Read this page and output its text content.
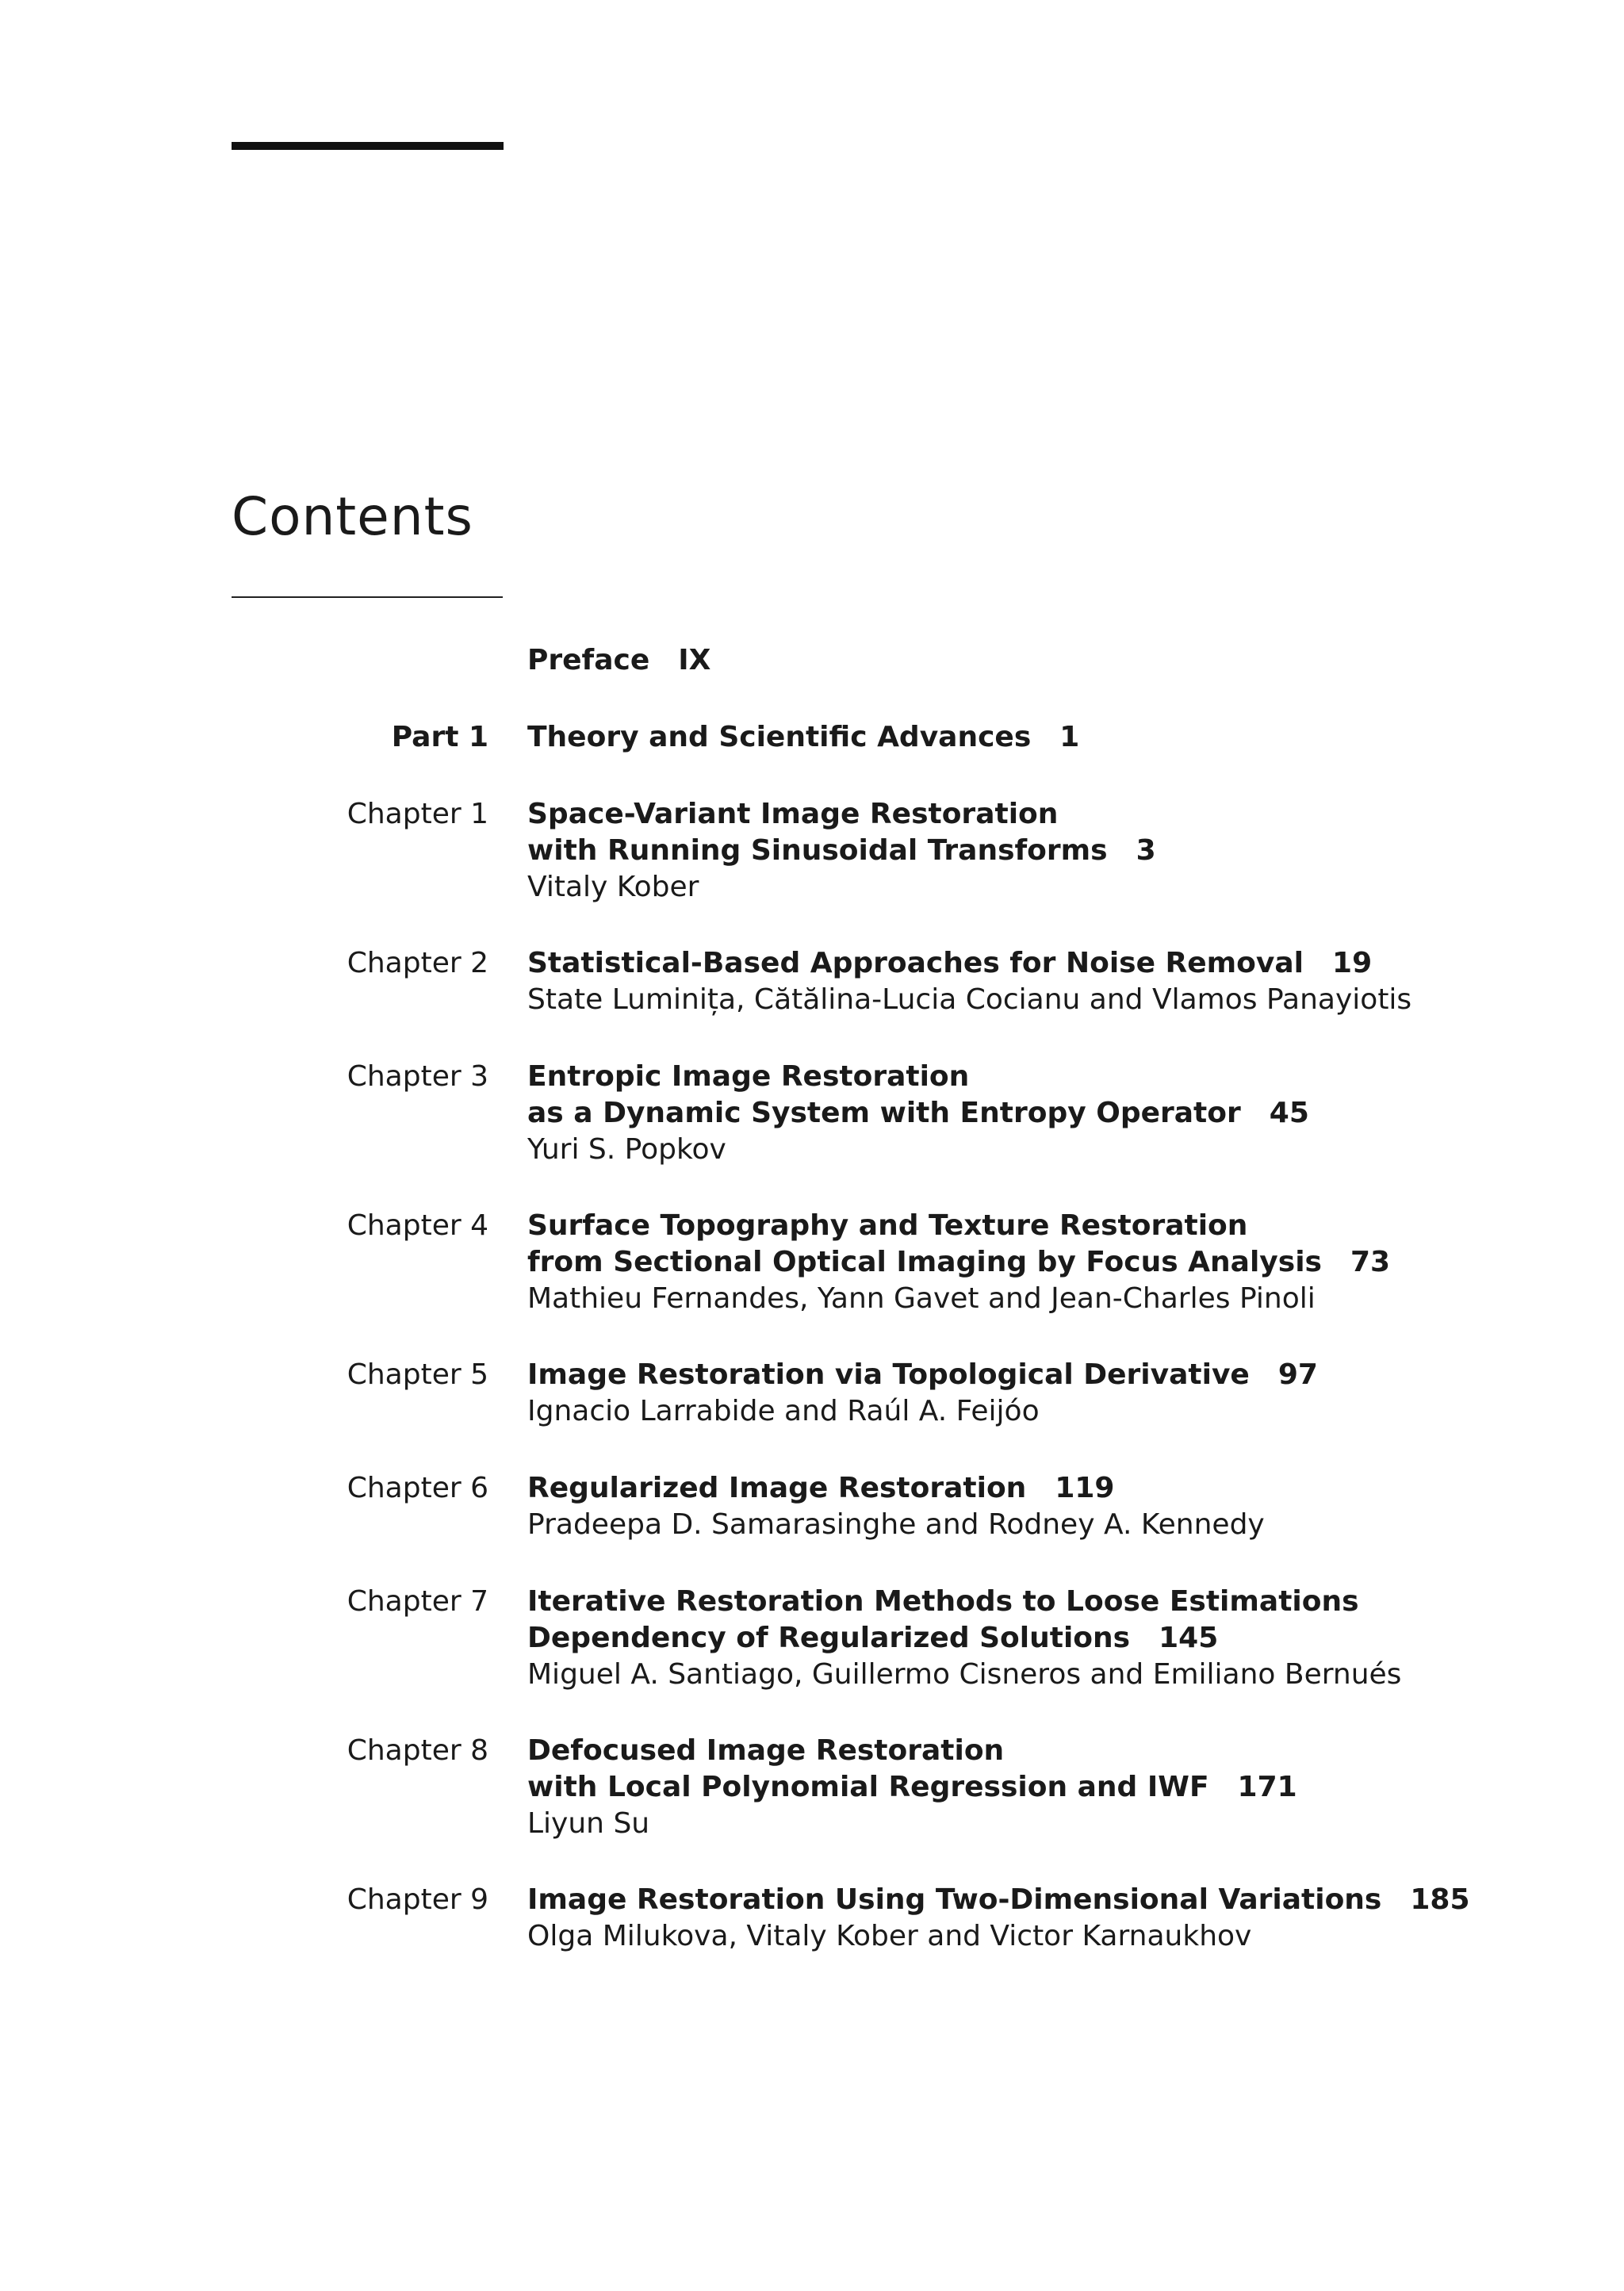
Contents
Preface IX
Part 1 Theory and Scientific Advances 1
Chapter 1 Space-Variant Image Restoration
with Running Sinusoidal Transforms 3
Vitaly Kober
Chapter 2 Statistical-Based Approaches for Noise Removal 19
State Luminița, Cătălina-Lucia Cocianu and Vlamos Panayiotis
Chapter 3 Entropic Image Restoration
as a Dynamic System with Entropy Operator 45
Yuri S. Popkov
Chapter 4 Surface Topography and Texture Restoration
from Sectional Optical Imaging by Focus Analysis 73
Mathieu Fernandes, Yann Gavet and Jean-Charles Pinoli
Chapter 5 Image Restoration via Topological Derivative 97
Ignacio Larrabide and Raúl A. Feijóo
Chapter 6 Regularized Image Restoration 119
Pradeepa D. Samarasinghe and Rodney A. Kennedy
Chapter 7 Iterative Restoration Methods to Loose Estimations
Dependency of Regularized Solutions 145
Miguel A. Santiago, Guillermo Cisneros and Emiliano Bernués
Chapter 8 Defocused Image Restoration
with Local Polynomial Regression and IWF 171
Liyun Su
Chapter 9 Image Restoration Using Two-Dimensional Variations 185
Olga Milukova, Vitaly Kober and Victor Karnaukhov
